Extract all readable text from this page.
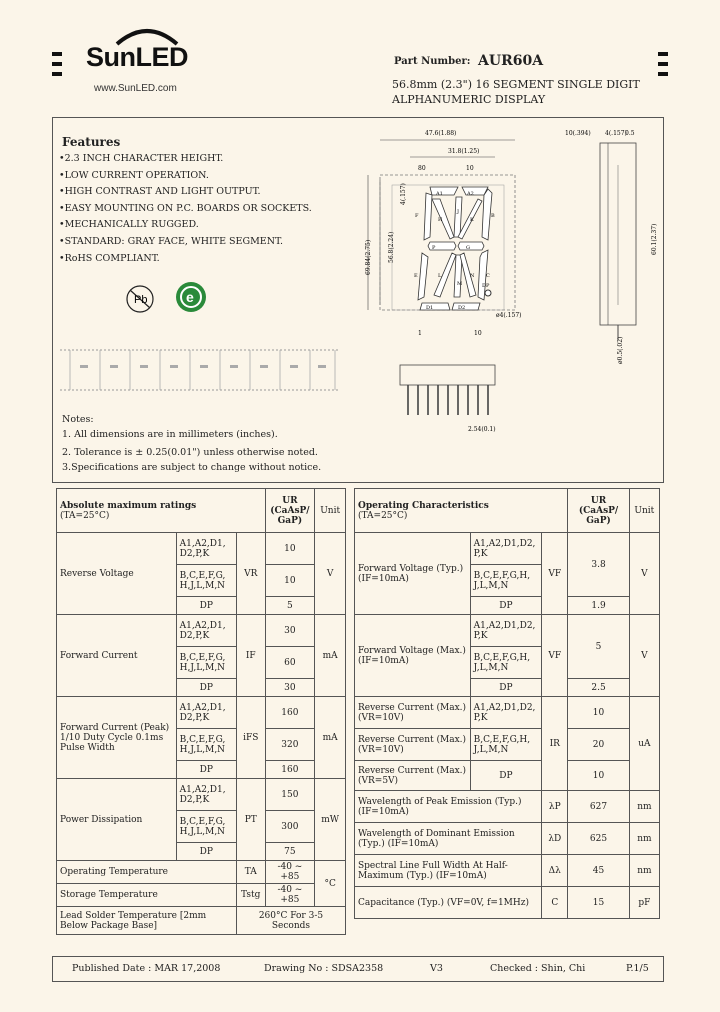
SunLED
www.SunLED.com
Part Number: AUR60A
56.8mm (2.3") 16 SEGMENT SINGLE DIGIT
ALPHANUMERIC DISPLAY
Features
•2.3 INCH CHARACTER HEIGHT.
•LOW CURRENT OPERATION.
•HIGH CONTRAST AND LIGHT OUTPUT.
•EASY MOUNTING ON P.C. BOARDS OR SOCKETS.
•MECHANICALLY RUGGED.
•STANDARD: GRAY FACE, WHITE SEGMENT.
•RoHS COMPLIANT.
Pb	e
47.6(1.88)
31.8(1.25)
80	10
69.84(2.75)	56.8(2.24)
4(.157)	A1	A2
B
C
D1	D2
E
F
G
H
J
K
L
M
N
P
DP
1	10
ø4(.157)
2.54(0.1)
10(.394) 4(.157)
0.5
60.1(2.37)
ø0.5(.02)
Notes:
1. All dimensions are in millimeters (inches).
2. Tolerance is ± 0.25(0.01") unless otherwise noted.
3.Specifications are subject to change without notice.
Absolute maximum ratings
(TA=25°C)			UR (CaAsP/ GaP)	Unit
Reverse Voltage	A1,A2,D1, D2,P,K	VR	10	V
	B,C,E,F,G, H,J,L,M,N		10	
	DP		5	
Forward Current	A1,A2,D1, D2,P,K	IF	30	mA
	B,C,E,F,G, H,J,L,M,N		60	
	DP		30	
Forward Current (Peak) 1/10 Duty Cycle 0.1ms Pulse Width	A1,A2,D1, D2,P,K	iFS	160	mA
	B,C,E,F,G, H,J,L,M,N		320	
	DP		160	
Power Dissipation	A1,A2,D1, D2,P,K	PT	150	mW
	B,C,E,F,G, H,J,L,M,N		300	
	DP		75	
Operating Temperature		TA	-40 ~ +85	°C
Storage Temperature		Tstg	-40 ~ +85	
Lead Solder Temperature [2mm Below Package Base]		260°C For 3-5 Seconds		
Operating Characteristics
(TA=25°C)			UR (CaAsP/ GaP)	Unit
Forward Voltage (Typ.) (IF=10mA)	A1,A2,D1,D2, P,K	VF	3.8	V
	B,C,E,F,G,H, J,L,M,N			
	DP		1.9	
Forward Voltage (Max.) (IF=10mA)	A1,A2,D1,D2, P,K	VF	5	V
	B,C,E,F,G,H, J,L,M,N			
	DP		2.5	
Reverse Current (Max.) (VR=10V)	A1,A2,D1,D2, P,K	IR	10	uA
Reverse Current (Max.) (VR=10V)	B,C,E,F,G,H, J,L,M,N		20	
Reverse Current (Max.) (VR=5V)	DP		10	
Wavelength of Peak Emission (Typ.) (IF=10mA)		λP	627	nm
Wavelength of Dominant Emission (Typ.) (IF=10mA)		λD	625	nm
Spectral Line Full Width At Half- Maximum (Typ.) (IF=10mA)		Δλ	45	nm
Capacitance (Typ.) (VF=0V, f=1MHz)		C	15	pF
Published Date : MAR 17,2008	Drawing No : SDSA2358	V3	Checked : Shin, Chi	P.1/5
